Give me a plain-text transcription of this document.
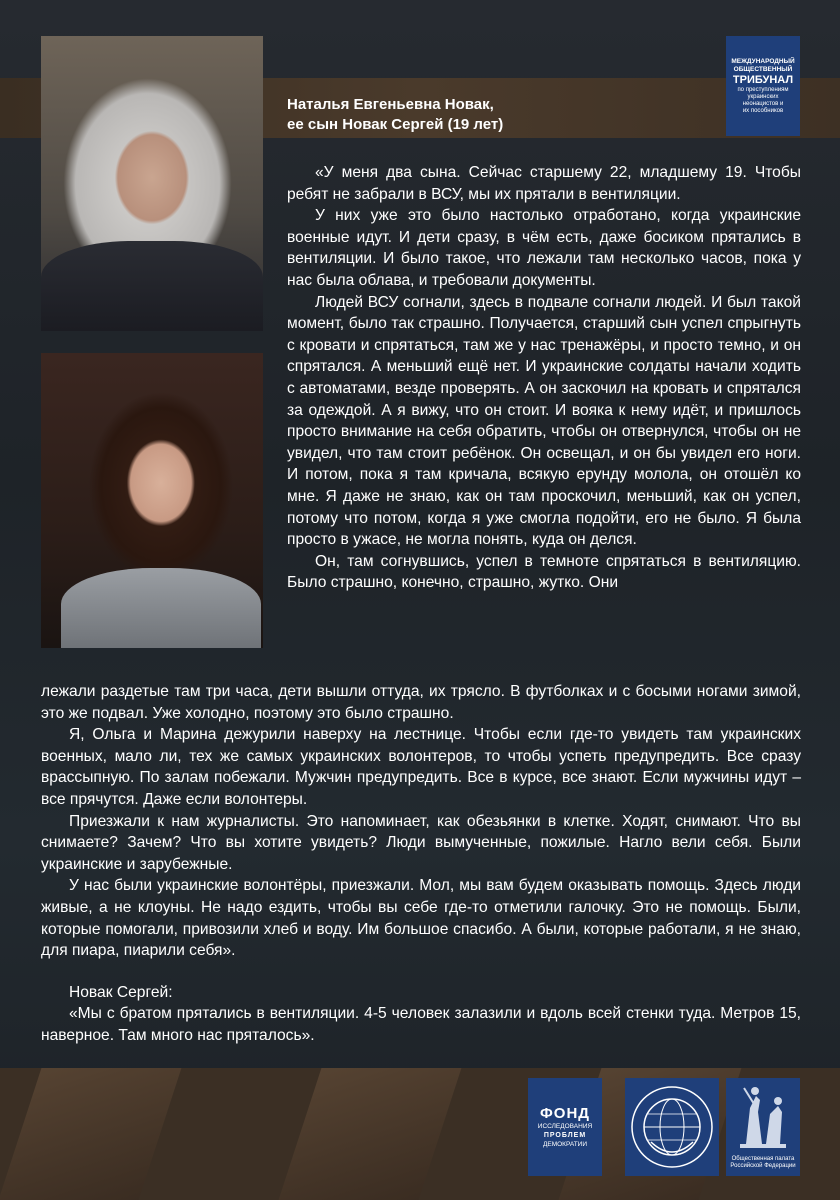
Наталья Евгеньевна Новак,
ее сын Новак Сергей (19 лет)
МЕЖДУНАРОДНЫЙ
ОБЩЕСТВЕННЫЙ
ТРИБУНАЛ
по преступлениям
украинских
неонацистов и
их пособников

«У меня два сына. Сейчас старшему 22, младшему 19. Чтобы ребят не забрали в ВСУ, мы их прятали в вентиляции.

У них уже это было настолько отработано, когда украинские военные идут. И дети сразу, в чём есть, даже босиком прятались в вентиляции. И было такое, что лежали там несколько часов, пока у нас была облава, и требовали документы.

Людей ВСУ согнали, здесь в подвале согнали людей. И был такой момент, было так страшно. Получается, старший сын успел спрыгнуть с кровати и спрятаться, там же у нас тренажёры, и просто темно, и он спрятался. А меньший ещё нет. И украинские солдаты начали ходить с автоматами, везде проверять. А он заскочил на кровать и спрятался за одеждой. А я вижу, что он стоит. И вояка к нему идёт, и пришлось просто внимание на себя обратить, чтобы он отвернулся, чтобы он не увидел, что там стоит ребёнок. Он освещал, и он бы увидел его ноги. И потом, пока я там кричала, всякую ерунду молола, он отошёл ко мне. Я даже не знаю, как он там проскочил, меньший, как он успел, потому что потом, когда я уже смогла подойти, его не было. Я была просто в ужасе, не могла понять, куда он делся.

Он, там согнувшись, успел в темноте спрятаться в вентиляцию. Было страшно, конечно, страшно, жутко. Они

лежали раздетые там три часа, дети вышли оттуда, их трясло. В футболках и с босыми ногами зимой, это же подвал. Уже холодно, поэтому это было страшно.

Я, Ольга и Марина дежурили наверху на лестнице. Чтобы если где-то увидеть там украинских военных, мало ли, тех же самых украинских волонтеров, то чтобы успеть предупредить. Все сразу врассыпную. По залам побежали. Мужчин предупредить. Все в курсе, все знают. Если мужчины идут – все прячутся. Даже если волонтеры.

Приезжали к нам журналисты. Это напоминает, как обезьянки в клетке. Ходят, снимают. Что вы снимаете? Зачем? Что вы хотите увидеть? Люди вымученные, пожилые. Нагло вели себя. Были украинские и зарубежные.

У нас были украинские волонтёры, приезжали. Мол, мы вам будем оказывать помощь. Здесь люди живые, а не клоуны. Не надо ездить, чтобы вы себе где-то отметили галочку. Это не помощь. Были, которые помогали, привозили хлеб и воду. Им большое спасибо. А были, которые работали, я не знаю, для пиара, пиарили себя».

Новак Сергей:

«Мы с братом прятались в вентиляции. 4-5 человек залазили и вдоль всей стенки туда. Метров 15, наверное. Там много нас пряталось».

ФОНД
ИССЛЕДОВАНИЯ
ПРОБЛЕМ
ДЕМОКРАТИИ
Общественная палата
Российской Федерации
